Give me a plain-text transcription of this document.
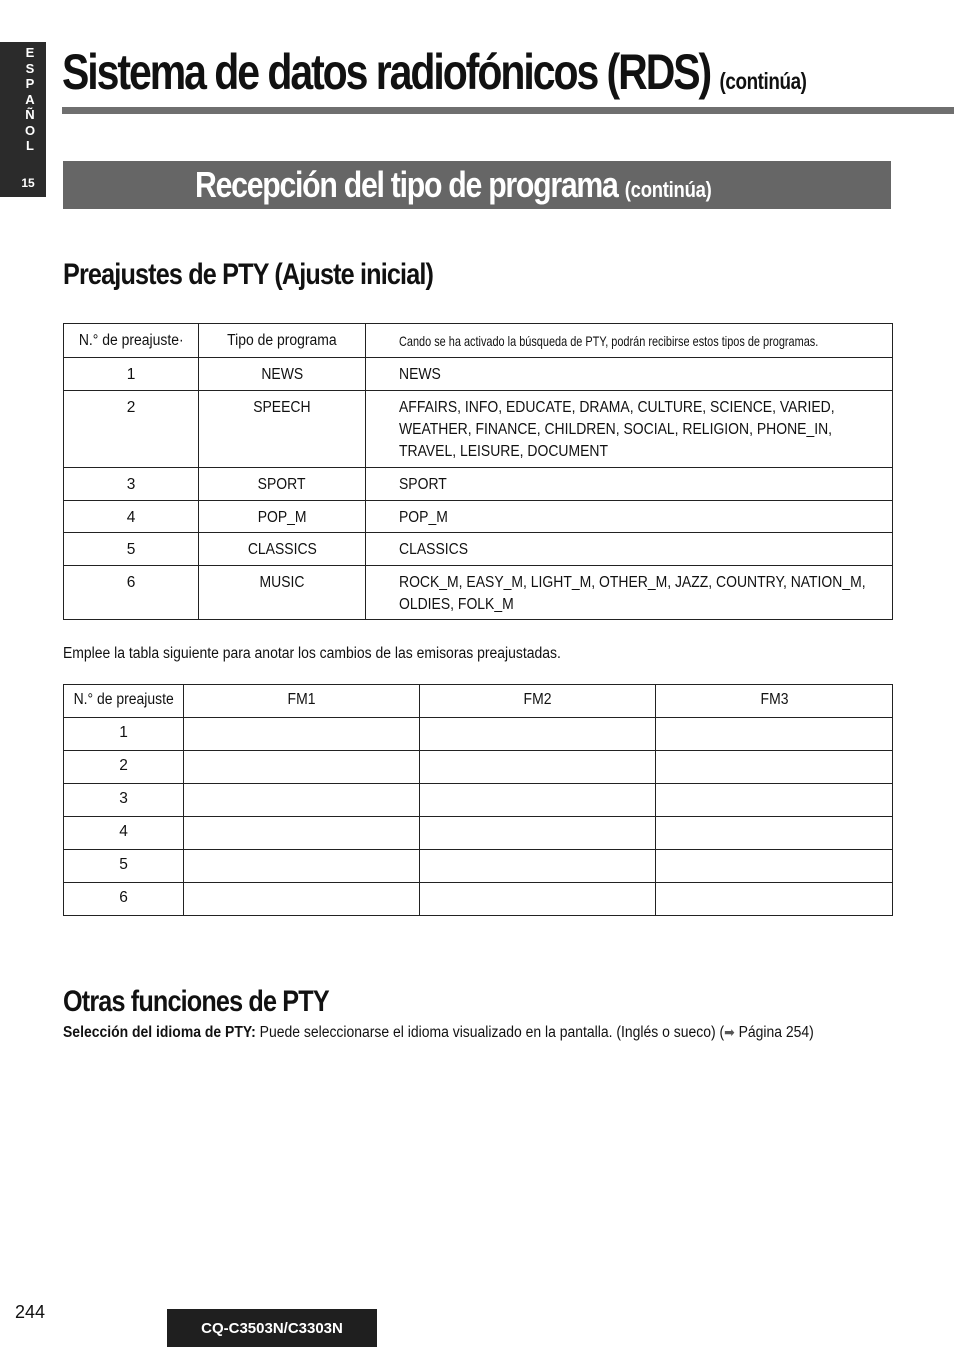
E
S
P
A
Ñ
O
L
15
Sistema de datos radiofónicos (RDS) (continúa)
Recepción del tipo de programa (continúa)
Preajustes de PTY (Ajuste inicial)
N.° de preajuste·	Tipo de programa	Cando se ha activado la búsqueda de PTY, podrán recibirse estos tipos de programas.
1	NEWS	NEWS
2	SPEECH	AFFAIRS, INFO, EDUCATE, DRAMA, CULTURE, SCIENCE, VARIED, WEATHER, FINANCE, CHILDREN, SOCIAL, RELIGION, PHONE_IN, TRAVEL, LEISURE, DOCUMENT

3	SPORT	SPORT
4	POP_M	POP_M
5	CLASSICS	CLASSICS
6	MUSIC	ROCK_M, EASY_M, LIGHT_M, OTHER_M, JAZZ, COUNTRY, NATION_M, OLDIES, FOLK_M
Emplee la tabla siguiente para anotar los cambios de las emisoras preajustadas.
N.° de preajuste	FM1	FM2	FM3
1			
2			
3			
4			
5			
6			
Otras funciones de PTY
Selección del idioma de PTY: Puede seleccionarse el idioma visualizado en la pantalla. (Inglés o sueco) (➡ Página 254)
244
CQ-C3503N/C3303N
